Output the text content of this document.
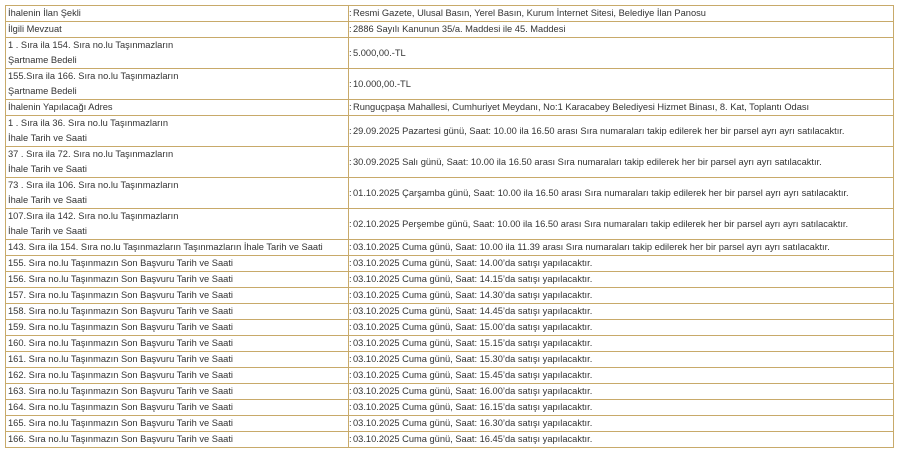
İhalenin İlan Şekli	: Resmi Gazete, Ulusal Basın, Yerel Basın, Kurum İnternet Sitesi, Belediye İlan Panosu

İlgili Mevzuat	: 2886 Sayılı Kanunun 35/a. Maddesi ile 45. Maddesi

1 . Sıra ila 154. Sıra no.lu Taşınmazların
Şartname Bedeli	: 5.000,00.-TL

155.Sıra ila 166. Sıra no.lu Taşınmazların
Şartname Bedeli	: 10.000,00.-TL

İhalenin Yapılacağı Adres	: Runguçpaşa Mahallesi, Cumhuriyet Meydanı, No:1 Karacabey Belediyesi Hizmet Binası, 8. Kat, Toplantı Odası

1 . Sıra ila 36. Sıra no.lu Taşınmazların
İhale Tarih ve Saati	: 29.09.2025 Pazartesi günü, Saat: 10.00 ila 16.50 arası Sıra numaraları takip edilerek her bir parsel ayrı ayrı satılacaktır.

37 . Sıra ila 72. Sıra no.lu Taşınmazların
İhale Tarih ve Saati	: 30.09.2025 Salı günü, Saat: 10.00 ila 16.50 arası Sıra numaraları takip edilerek her bir parsel ayrı ayrı satılacaktır.

73 . Sıra ila 106. Sıra no.lu Taşınmazların
İhale Tarih ve Saati	: 01.10.2025 Çarşamba günü, Saat: 10.00 ila 16.50 arası Sıra numaraları takip edilerek her bir parsel ayrı ayrı satılacaktır.

107.Sıra ila 142. Sıra no.lu Taşınmazların
İhale Tarih ve Saati	: 02.10.2025 Perşembe günü, Saat: 10.00 ila 16.50 arası Sıra numaraları takip edilerek her bir parsel ayrı ayrı satılacaktır.

143. Sıra ila 154. Sıra no.lu Taşınmazların Taşınmazların İhale Tarih ve Saati	: 03.10.2025 Cuma günü, Saat: 10.00 ila 11.39 arası Sıra numaraları takip edilerek her bir parsel ayrı ayrı satılacaktır.

155. Sıra no.lu Taşınmazın Son Başvuru Tarih ve Saati	: 03.10.2025 Cuma günü, Saat: 14.00’da satışı yapılacaktır.

156. Sıra no.lu Taşınmazın Son Başvuru Tarih ve Saati	: 03.10.2025 Cuma günü, Saat: 14.15’da satışı yapılacaktır.

157. Sıra no.lu Taşınmazın Son Başvuru Tarih ve Saati	: 03.10.2025 Cuma günü, Saat: 14.30’da satışı yapılacaktır.

158. Sıra no.lu Taşınmazın Son Başvuru Tarih ve Saati	: 03.10.2025 Cuma günü, Saat: 14.45’da satışı yapılacaktır.

159. Sıra no.lu Taşınmazın Son Başvuru Tarih ve Saati	: 03.10.2025 Cuma günü, Saat: 15.00’da satışı yapılacaktır.

160. Sıra no.lu Taşınmazın Son Başvuru Tarih ve Saati	: 03.10.2025 Cuma günü, Saat: 15.15’da satışı yapılacaktır.

161. Sıra no.lu Taşınmazın Son Başvuru Tarih ve Saati	: 03.10.2025 Cuma günü, Saat: 15.30’da satışı yapılacaktır.

162. Sıra no.lu Taşınmazın Son Başvuru Tarih ve Saati	: 03.10.2025 Cuma günü, Saat: 15.45’da satışı yapılacaktır.

163. Sıra no.lu Taşınmazın Son Başvuru Tarih ve Saati	: 03.10.2025 Cuma günü, Saat: 16.00’da satışı yapılacaktır.

164. Sıra no.lu Taşınmazın Son Başvuru Tarih ve Saati	: 03.10.2025 Cuma günü, Saat: 16.15’da satışı yapılacaktır.

165. Sıra no.lu Taşınmazın Son Başvuru Tarih ve Saati	: 03.10.2025 Cuma günü, Saat: 16.30’da satışı yapılacaktır.

166. Sıra no.lu Taşınmazın Son Başvuru Tarih ve Saati	: 03.10.2025 Cuma günü, Saat: 16.45’da satışı yapılacaktır.
